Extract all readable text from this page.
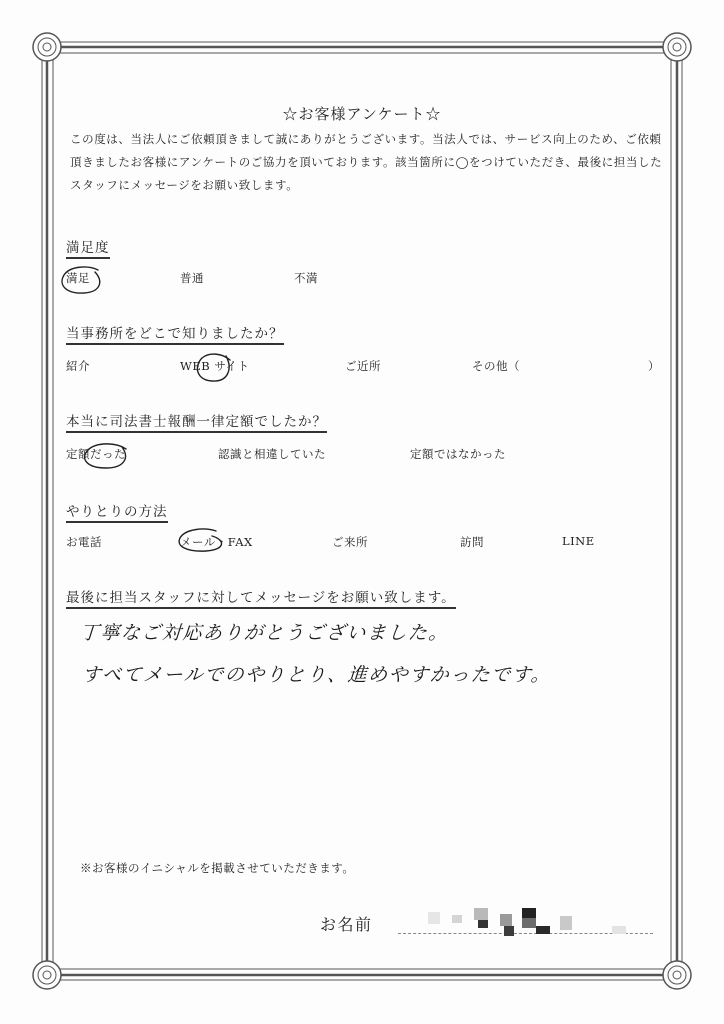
☆お客様アンケート☆
この度は、当法人にご依頼頂きまして誠にありがとうございます。当法人では、サービス向上のため、ご依頼頂きましたお客様にアンケートのご協力を頂いております。該当箇所に◯をつけていただき、最後に担当したスタッフにメッセージをお願い致します。
満足度
満足	普通	不満
当事務所をどこで知りましたか？
紹介	WEB サイト	ご近所	その他（	）
本当に司法書士報酬一律定額でしたか？
定額だった	認識と相違していた	定額ではなかった
やりとりの方法
お電話	メール・FAX	ご来所	訪問	LINE
最後に担当スタッフに対してメッセージをお願い致します。
丁寧なご対応ありがとうございました。
すべてメールでのやりとり、進めやすかったです。
※お客様のイニシャルを掲載させていただきます。
お名前
